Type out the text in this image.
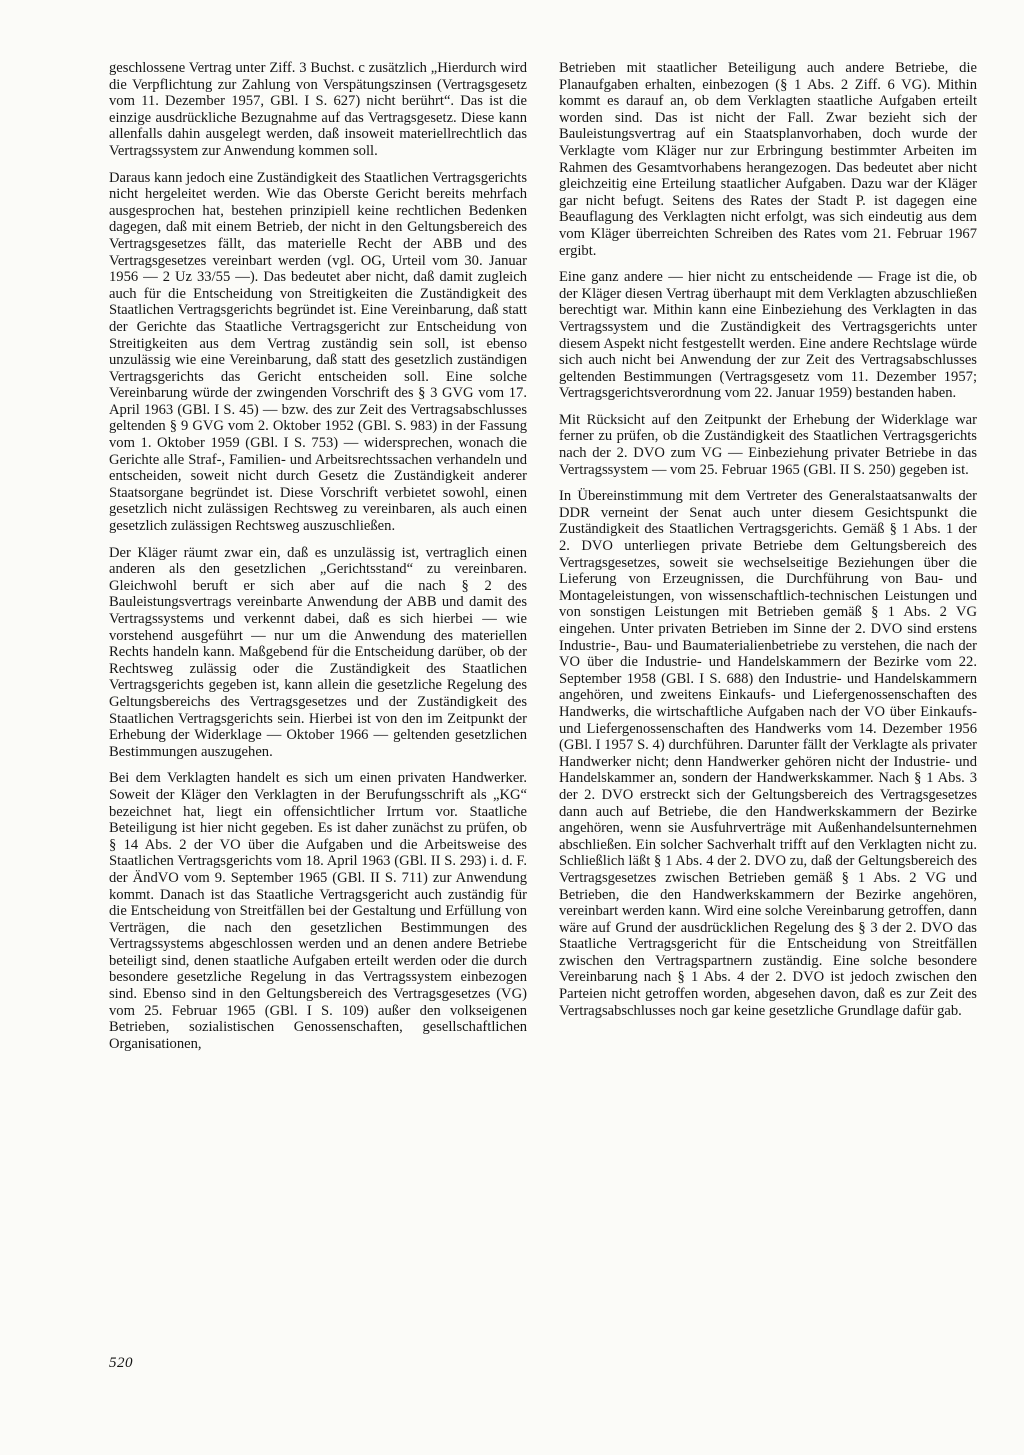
geschlossene Vertrag unter Ziff. 3 Buchst. c zusätzlich „Hierdurch wird die Verpflichtung zur Zahlung von Verspätungszinsen (Vertragsgesetz vom 11. Dezember 1957, GBl. I S. 627) nicht berührt“. Das ist die einzige ausdrückliche Bezugnahme auf das Vertragsgesetz. Diese kann allenfalls dahin ausgelegt werden, daß insoweit materiellrechtlich das Vertragssystem zur Anwendung kommen soll.

Daraus kann jedoch eine Zuständigkeit des Staatlichen Vertragsgerichts nicht hergeleitet werden. Wie das Oberste Gericht bereits mehrfach ausgesprochen hat, bestehen prinzipiell keine rechtlichen Bedenken dagegen, daß mit einem Betrieb, der nicht in den Geltungsbereich des Vertragsgesetzes fällt, das materielle Recht der ABB und des Vertragsgesetzes vereinbart werden (vgl. OG, Urteil vom 30. Januar 1956 — 2 Uz 33/55 —). Das bedeutet aber nicht, daß damit zugleich auch für die Entscheidung von Streitigkeiten die Zuständigkeit des Staatlichen Vertragsgerichts begründet ist. Eine Vereinbarung, daß statt der Gerichte das Staatliche Vertragsgericht zur Entscheidung von Streitigkeiten aus dem Vertrag zuständig sein soll, ist ebenso unzulässig wie eine Vereinbarung, daß statt des gesetzlich zuständigen Vertragsgerichts das Gericht entscheiden soll. Eine solche Vereinbarung würde der zwingenden Vorschrift des § 3 GVG vom 17. April 1963 (GBl. I S. 45) — bzw. des zur Zeit des Vertragsabschlusses geltenden § 9 GVG vom 2. Oktober 1952 (GBl. S. 983) in der Fassung vom 1. Oktober 1959 (GBl. I S. 753) — widersprechen, wonach die Gerichte alle Straf-, Familien- und Arbeitsrechtssachen verhandeln und entscheiden, soweit nicht durch Gesetz die Zuständigkeit anderer Staatsorgane begründet ist. Diese Vorschrift verbietet sowohl, einen gesetzlich nicht zulässigen Rechtsweg zu vereinbaren, als auch einen gesetzlich zulässigen Rechtsweg auszuschließen.

Der Kläger räumt zwar ein, daß es unzulässig ist, vertraglich einen anderen als den gesetzlichen „Gerichtsstand“ zu vereinbaren. Gleichwohl beruft er sich aber auf die nach § 2 des Bauleistungsvertrags vereinbarte Anwendung der ABB und damit des Vertragssystems und verkennt dabei, daß es sich hierbei — wie vorstehend ausgeführt — nur um die Anwendung des materiellen Rechts handeln kann. Maßgebend für die Entscheidung darüber, ob der Rechtsweg zulässig oder die Zuständigkeit des Staatlichen Vertragsgerichts gegeben ist, kann allein die gesetzliche Regelung des Geltungsbereichs des Vertragsgesetzes und der Zuständigkeit des Staatlichen Vertragsgerichts sein. Hierbei ist von den im Zeitpunkt der Erhebung der Widerklage — Oktober 1966 — geltenden gesetzlichen Bestimmungen auszugehen.

Bei dem Verklagten handelt es sich um einen privaten Handwerker. Soweit der Kläger den Verklagten in der Berufungsschrift als „KG“ bezeichnet hat, liegt ein offensichtlicher Irrtum vor. Staatliche Beteiligung ist hier nicht gegeben. Es ist daher zunächst zu prüfen, ob § 14 Abs. 2 der VO über die Aufgaben und die Arbeitsweise des Staatlichen Vertragsgerichts vom 18. April 1963 (GBl. II S. 293) i. d. F. der ÄndVO vom 9. September 1965 (GBl. II S. 711) zur Anwendung kommt. Danach ist das Staatliche Vertragsgericht auch zuständig für die Entscheidung von Streitfällen bei der Gestaltung und Erfüllung von Verträgen, die nach den gesetzlichen Bestimmungen des Vertragssystems abgeschlossen werden und an denen andere Betriebe beteiligt sind, denen staatliche Aufgaben erteilt werden oder die durch besondere gesetzliche Regelung in das Vertragssystem einbezogen sind. Ebenso sind in den Geltungsbereich des Vertragsgesetzes (VG) vom 25. Februar 1965 (GBl. I S. 109) außer den volkseigenen Betrieben, sozialistischen Genossenschaften, gesellschaftlichen Organisationen,

Betrieben mit staatlicher Beteiligung auch andere Betriebe, die Planaufgaben erhalten, einbezogen (§ 1 Abs. 2 Ziff. 6 VG). Mithin kommt es darauf an, ob dem Verklagten staatliche Aufgaben erteilt worden sind. Das ist nicht der Fall. Zwar bezieht sich der Bauleistungsvertrag auf ein Staatsplanvorhaben, doch wurde der Verklagte vom Kläger nur zur Erbringung bestimmter Arbeiten im Rahmen des Gesamtvorhabens herangezogen. Das bedeutet aber nicht gleichzeitig eine Erteilung staatlicher Aufgaben. Dazu war der Kläger gar nicht befugt. Seitens des Rates der Stadt P. ist dagegen eine Beauflagung des Verklagten nicht erfolgt, was sich eindeutig aus dem vom Kläger überreichten Schreiben des Rates vom 21. Februar 1967 ergibt.

Eine ganz andere — hier nicht zu entscheidende — Frage ist die, ob der Kläger diesen Vertrag überhaupt mit dem Verklagten abzuschließen berechtigt war. Mithin kann eine Einbeziehung des Verklagten in das Vertragssystem und die Zuständigkeit des Vertragsgerichts unter diesem Aspekt nicht festgestellt werden. Eine andere Rechtslage würde sich auch nicht bei Anwendung der zur Zeit des Vertragsabschlusses geltenden Bestimmungen (Vertragsgesetz vom 11. Dezember 1957; Vertragsgerichtsverordnung vom 22. Januar 1959) bestanden haben.

Mit Rücksicht auf den Zeitpunkt der Erhebung der Widerklage war ferner zu prüfen, ob die Zuständigkeit des Staatlichen Vertragsgerichts nach der 2. DVO zum VG — Einbeziehung privater Betriebe in das Vertragssystem — vom 25. Februar 1965 (GBl. II S. 250) gegeben ist.

In Übereinstimmung mit dem Vertreter des Generalstaatsanwalts der DDR verneint der Senat auch unter diesem Gesichtspunkt die Zuständigkeit des Staatlichen Vertragsgerichts. Gemäß § 1 Abs. 1 der 2. DVO unterliegen private Betriebe dem Geltungsbereich des Vertragsgesetzes, soweit sie wechselseitige Beziehungen über die Lieferung von Erzeugnissen, die Durchführung von Bau- und Montageleistungen, von wissenschaftlich-technischen Leistungen und von sonstigen Leistungen mit Betrieben gemäß § 1 Abs. 2 VG eingehen. Unter privaten Betrieben im Sinne der 2. DVO sind erstens Industrie-, Bau- und Baumaterialienbetriebe zu verstehen, die nach der VO über die Industrie- und Handelskammern der Bezirke vom 22. September 1958 (GBl. I S. 688) den Industrie- und Handelskammern angehören, und zweitens Einkaufs- und Liefergenossenschaften des Handwerks, die wirtschaftliche Aufgaben nach der VO über Einkaufs- und Liefergenossenschaften des Handwerks vom 14. Dezember 1956 (GBl. I 1957 S. 4) durchführen. Darunter fällt der Verklagte als privater Handwerker nicht; denn Handwerker gehören nicht der Industrie- und Handelskammer an, sondern der Handwerkskammer. Nach § 1 Abs. 3 der 2. DVO erstreckt sich der Geltungsbereich des Vertragsgesetzes dann auch auf Betriebe, die den Handwerkskammern der Bezirke angehören, wenn sie Ausfuhrverträge mit Außenhandelsunternehmen abschließen. Ein solcher Sachverhalt trifft auf den Verklagten nicht zu. Schließlich läßt § 1 Abs. 4 der 2. DVO zu, daß der Geltungsbereich des Vertragsgesetzes zwischen Betrieben gemäß § 1 Abs. 2 VG und Betrieben, die den Handwerkskammern der Bezirke angehören, vereinbart werden kann. Wird eine solche Vereinbarung getroffen, dann wäre auf Grund der ausdrücklichen Regelung des § 3 der 2. DVO das Staatliche Vertragsgericht für die Entscheidung von Streitfällen zwischen den Vertragspartnern zuständig. Eine solche besondere Vereinbarung nach § 1 Abs. 4 der 2. DVO ist jedoch zwischen den Parteien nicht getroffen worden, abgesehen davon, daß es zur Zeit des Vertragsabschlusses noch gar keine gesetzliche Grundlage dafür gab.

520
